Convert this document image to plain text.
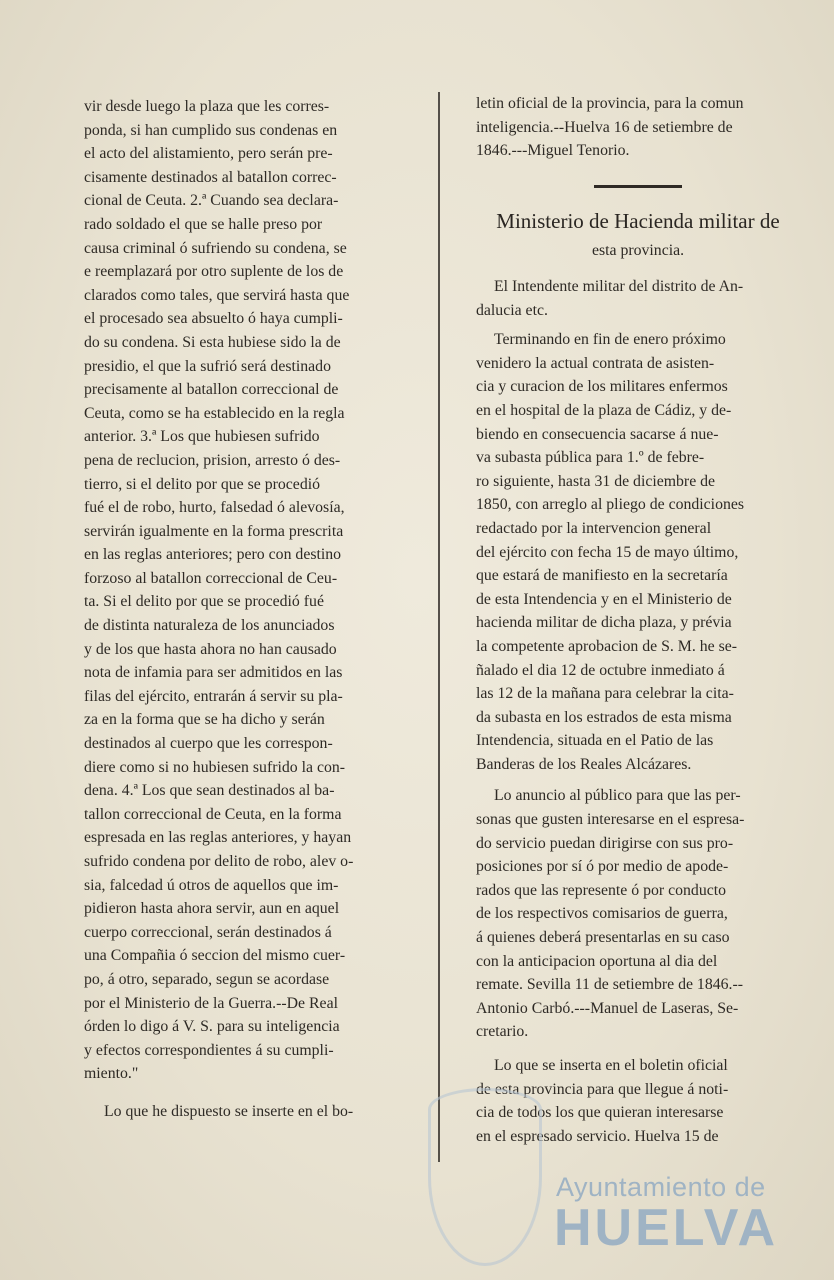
vir desde luego la plaza que les corres-
ponda, si han cumplido sus condenas en
el acto del alistamiento, pero serán pre-
cisamente destinados al batallon correc-
cional de Ceuta. 2.ª Cuando sea declara-
rado soldado el que se halle preso por
causa criminal ó sufriendo su condena, se
e reemplazará por otro suplente de los de
clarados como tales, que servirá hasta que
el procesado sea absuelto ó haya cumpli-
do su condena. Si esta hubiese sido la de
presidio, el que la sufrió será destinado
precisamente al batallon correccional de
Ceuta, como se ha establecido en la regla
anterior. 3.ª Los que hubiesen sufrido
pena de reclucion, prision, arresto ó des-
tierro, si el delito por que se procedió
fué el de robo, hurto, falsedad ó alevosía,
servirán igualmente en la forma prescrita
en las reglas anteriores; pero con destino
forzoso al batallon correccional de Ceu-
ta. Si el delito por que se procedió fué
de distinta naturaleza de los anunciados
y de los que hasta ahora no han causado
nota de infamia para ser admitidos en las
filas del ejército, entrarán á servir su pla-
za en la forma que se ha dicho y serán
destinados al cuerpo que les correspon-
diere como si no hubiesen sufrido la con-
dena. 4.ª Los que sean destinados al ba-
tallon correccional de Ceuta, en la forma
espresada en las reglas anteriores, y hayan
sufrido condena por delito de robo, alev o-
sia, falcedad ú otros de aquellos que im-
pidieron hasta ahora servir, aun en aquel
cuerpo correccional, serán destinados á
una Compañia ó seccion del mismo cuer-
po, á otro, separado, segun se acordase
por el Ministerio de la Guerra.--De Real
órden lo digo á V. S. para su inteligencia
y efectos correspondientes á su cumpli-
miento."

Lo que he dispuesto se inserte en el bo-

letin oficial de la provincia, para la comun
inteligencia.--Huelva 16 de setiembre de
1846.---Miguel Tenorio.

Ministerio de Hacienda militar de
esta provincia.

El Intendente militar del distrito de An-
dalucia etc.

Terminando en fin de enero próximo
venidero la actual contrata de asisten-
cia y curacion de los militares enfermos
en el hospital de la plaza de Cádiz, y de-
biendo en consecuencia sacarse á nue-
va subasta pública para 1.º de febre-
ro siguiente, hasta 31 de diciembre de
1850, con arreglo al pliego de condiciones
redactado por la intervencion general
del ejército con fecha 15 de mayo último,
que estará de manifiesto en la secretaría
de esta Intendencia y en el Ministerio de
hacienda militar de dicha plaza, y prévia
la competente aprobacion de S. M. he se-
ñalado el dia 12 de octubre inmediato á
las 12 de la mañana para celebrar la cita-
da subasta en los estrados de esta misma
Intendencia, situada en el Patio de las
Banderas de los Reales Alcázares.

Lo anuncio al público para que las per-
sonas que gusten interesarse en el espresa-
do servicio puedan dirigirse con sus pro-
posiciones por sí ó por medio de apode-
rados que las represente ó por conducto
de los respectivos comisarios de guerra,
á quienes deberá presentarlas en su caso
con la anticipacion oportuna al dia del
remate. Sevilla 11 de setiembre de 1846.--
Antonio Carbó.---Manuel de Laseras, Se-
cretario.

Lo que se inserta en el boletin oficial
de esta provincia para que llegue á noti-
cia de todos los que quieran interesarse
en el espresado servicio. Huelva 15 de

Ayuntamiento de
HUELVA
